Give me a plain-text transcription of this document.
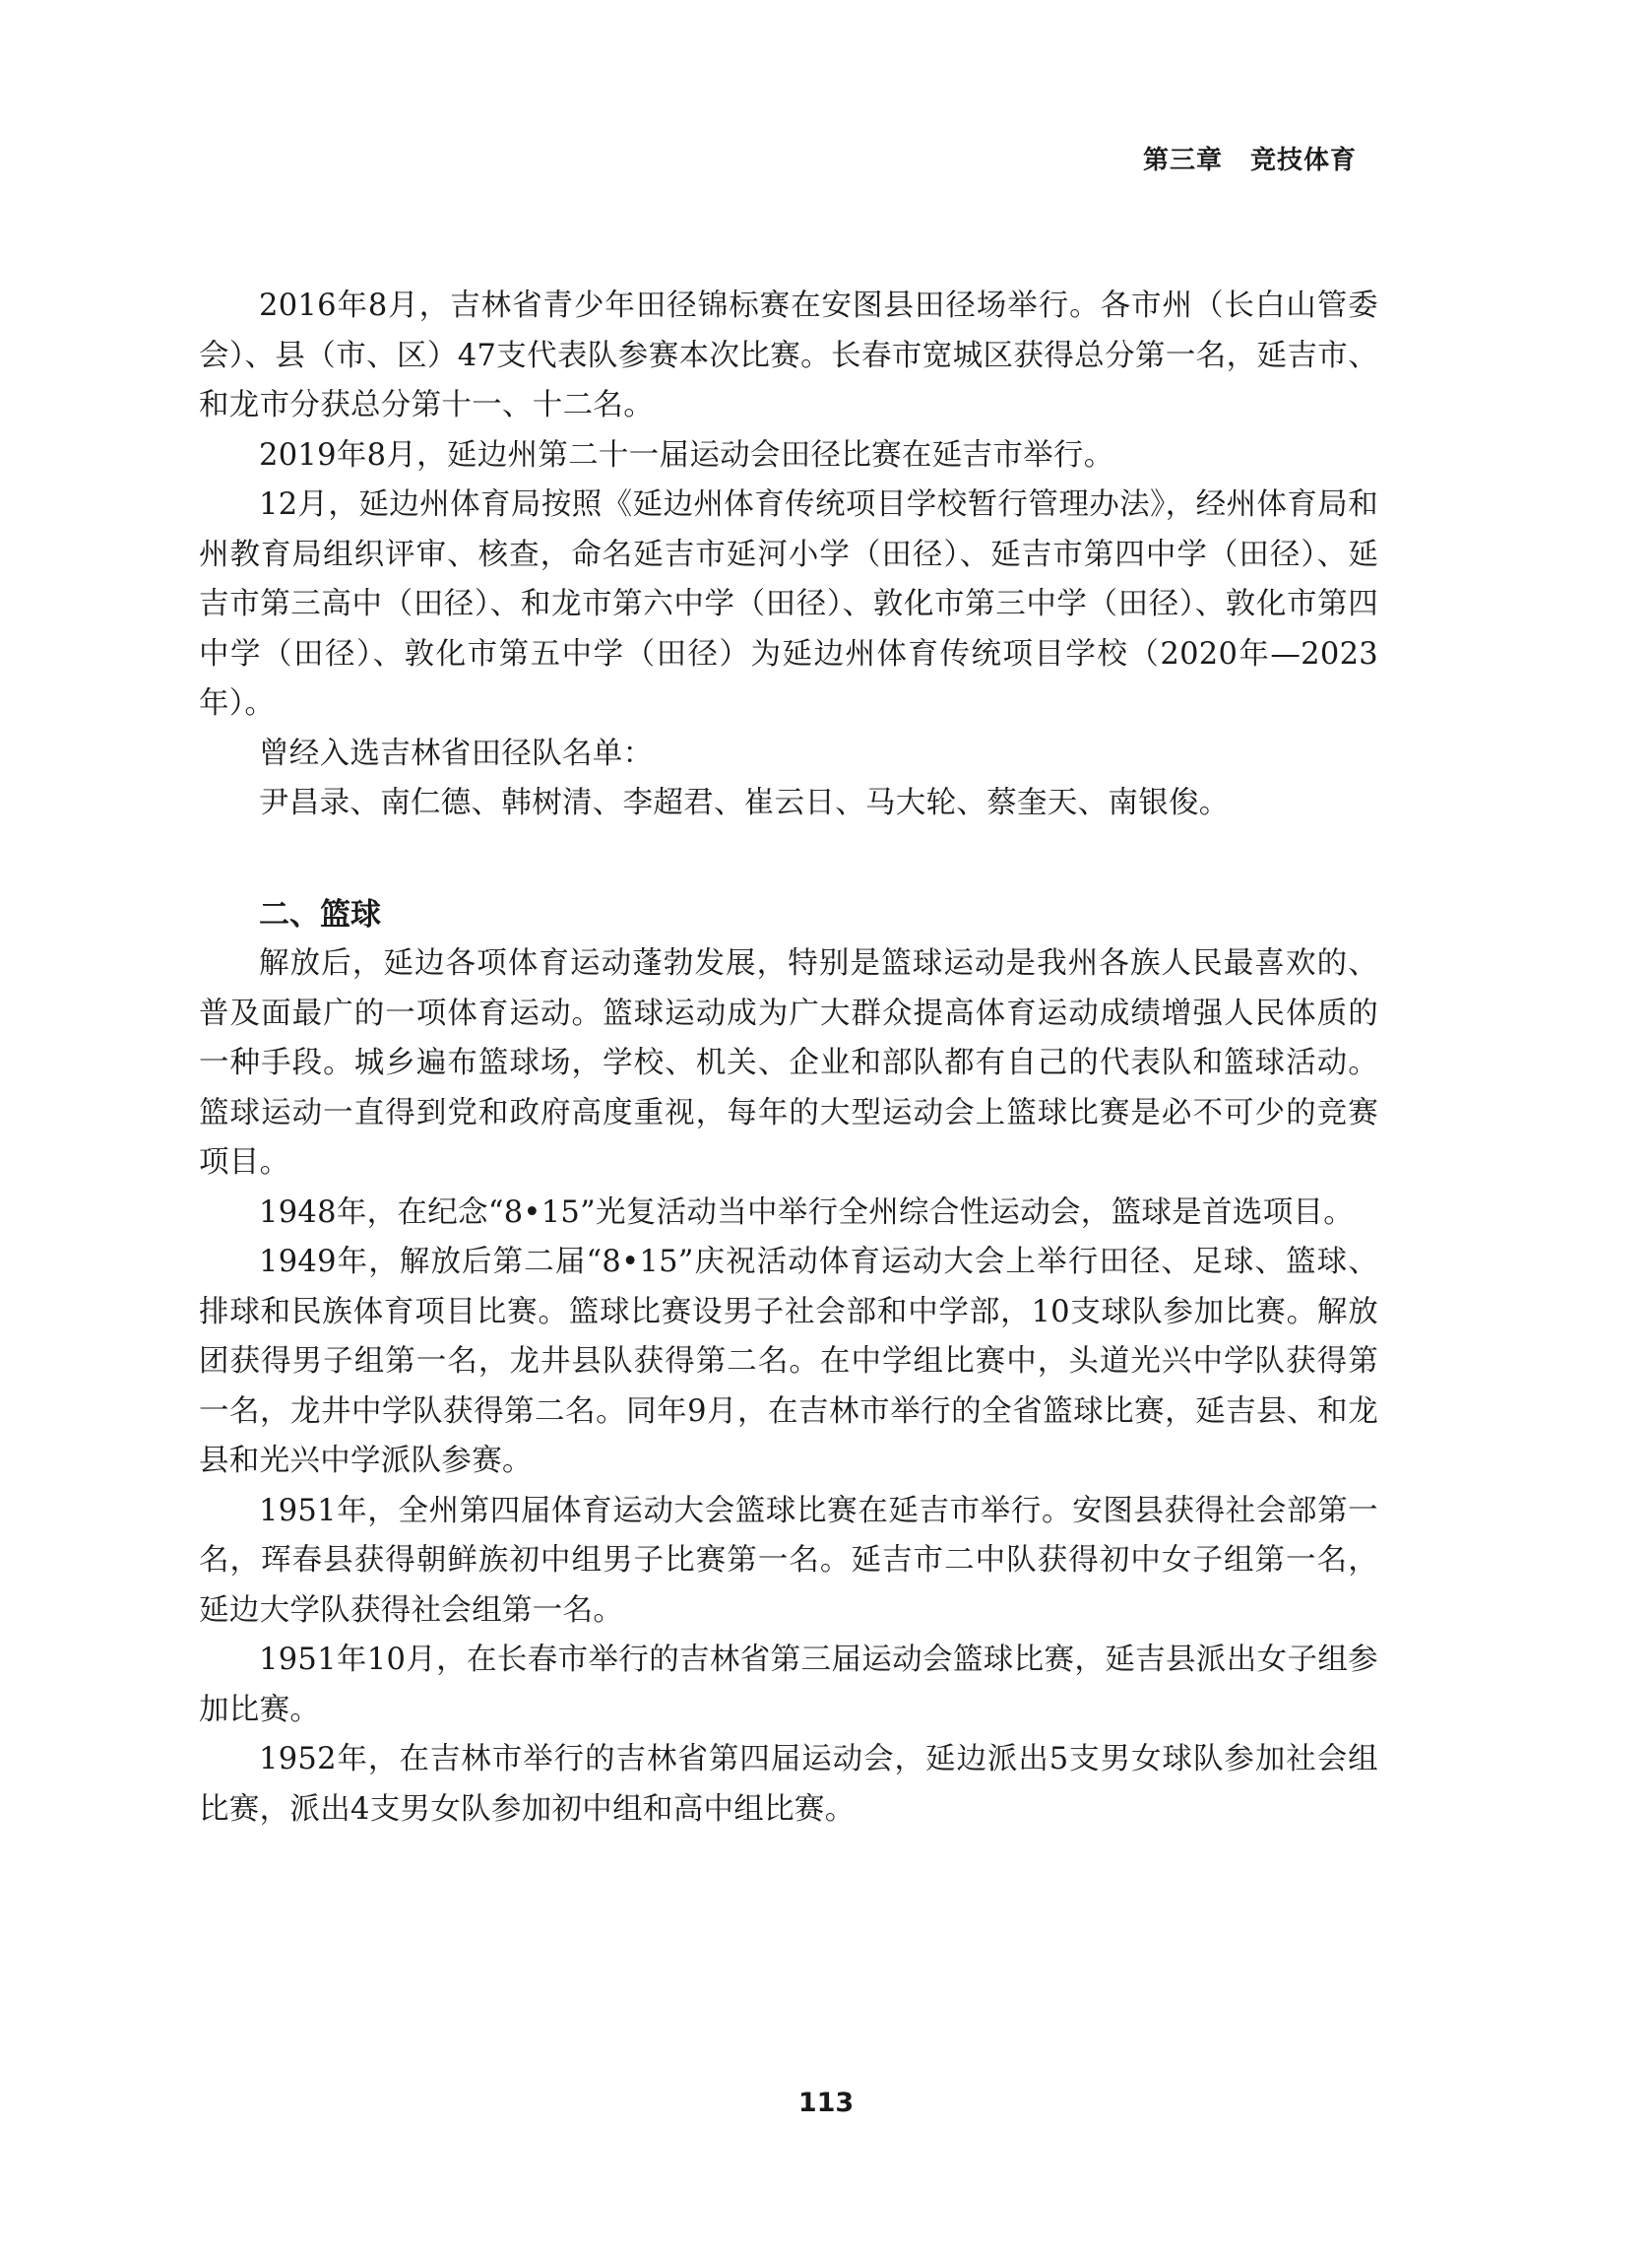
第三章 竞技体育

2016年8月，吉林省青少年田径锦标赛在安图县田径场举行。各市州（长白山管委会）、县（市、区）47支代表队参赛本次比赛。长春市宽城区获得总分第一名，延吉市、和龙市分获总分第十一、十二名。

2019年8月，延边州第二十一届运动会田径比赛在延吉市举行。

12月，延边州体育局按照《延边州体育传统项目学校暂行管理办法》，经州体育局和州教育局组织评审、核查，命名延吉市延河小学（田径）、延吉市第四中学（田径）、延吉市第三高中（田径）、和龙市第六中学（田径）、敦化市第三中学（田径）、敦化市第四中学（田径）、敦化市第五中学（田径）为延边州体育传统项目学校（2020年—2023年）。

曾经入选吉林省田径队名单：

尹昌录、南仁德、韩树清、李超君、崔云日、马大轮、蔡奎天、南银俊。

二、篮球

解放后，延边各项体育运动蓬勃发展，特别是篮球运动是我州各族人民最喜欢的、普及面最广的一项体育运动。篮球运动成为广大群众提高体育运动成绩增强人民体质的一种手段。城乡遍布篮球场，学校、机关、企业和部队都有自己的代表队和篮球活动。篮球运动一直得到党和政府高度重视，每年的大型运动会上篮球比赛是必不可少的竞赛项目。

1948年，在纪念“8•15”光复活动当中举行全州综合性运动会，篮球是首选项目。

1949年，解放后第二届“8•15”庆祝活动体育运动大会上举行田径、足球、篮球、排球和民族体育项目比赛。篮球比赛设男子社会部和中学部，10支球队参加比赛。解放团获得男子组第一名，龙井县队获得第二名。在中学组比赛中，头道光兴中学队获得第一名，龙井中学队获得第二名。同年9月，在吉林市举行的全省篮球比赛，延吉县、和龙县和光兴中学派队参赛。

1951年，全州第四届体育运动大会篮球比赛在延吉市举行。安图县获得社会部第一名，珲春县获得朝鲜族初中组男子比赛第一名。延吉市二中队获得初中女子组第一名，延边大学队获得社会组第一名。

1951年10月，在长春市举行的吉林省第三届运动会篮球比赛，延吉县派出女子组参加比赛。

1952年，在吉林市举行的吉林省第四届运动会，延边派出5支男女球队参加社会组比赛，派出4支男女队参加初中组和高中组比赛。

113
